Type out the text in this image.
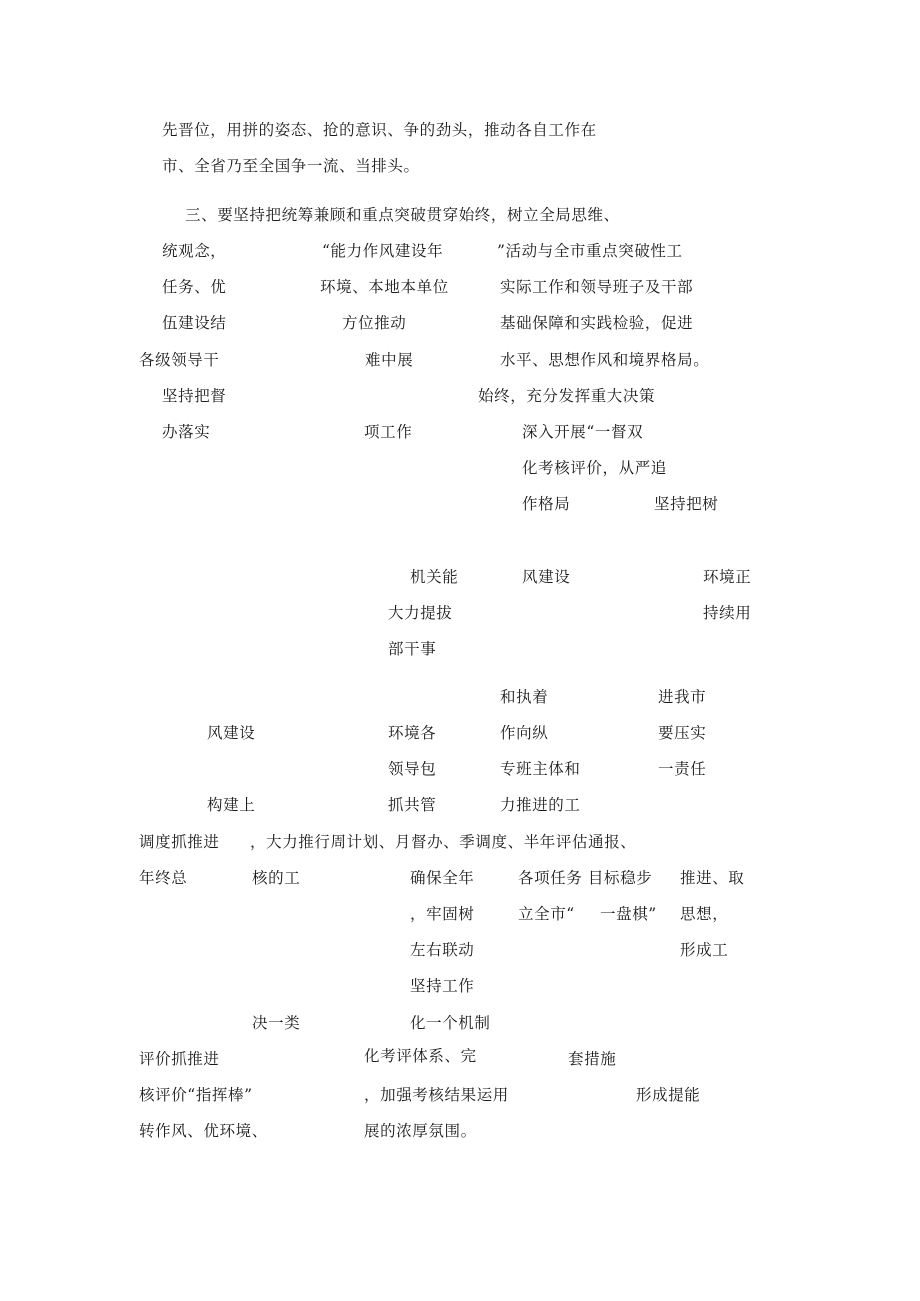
先晋位，用拼的姿态、抢的意识、争的劲头，推动各自工作在
市、全省乃至全国争一流、当排头。
三、要坚持把统筹兼顾和重点突破贯穿始终，树立全局思维、
统观念，	“能力作风建设年	”活动与全市重点突破性工
任务、优	环境、本地本单位	实际工作和领导班子及干部
伍建设结	方位推动	基础保障和实践检验，促进
各级领导干	难中展	水平、思想作风和境界格局。
坚持把督	始终，充分发挥重大决策
办落实	项工作	深入开展“一督双
化考核评价，从严追
作格局	坚持把树
机关能	风建设	环境正
大力提拔	持续用
部干事
和执着	进我市
风建设	环境各	作向纵	要压实
领导包	专班主体和	一责任
构建上	抓共管	力推进的工
调度抓推进 ，大力推行周计划、月督办、季调度、半年评估通报、
年终总	核的工	确保全年	各项任务 目标稳步 推进、取
，牢固树	立全市“ 一盘棋” 思想，
左右联动	形成工
坚持工作
决一类	化一个机制
评价抓推进	化考评体系、完	套措施
核评价“指挥棒”	，加强考核结果运用	形成提能
转作风、优环境、	展的浓厚氛围。
